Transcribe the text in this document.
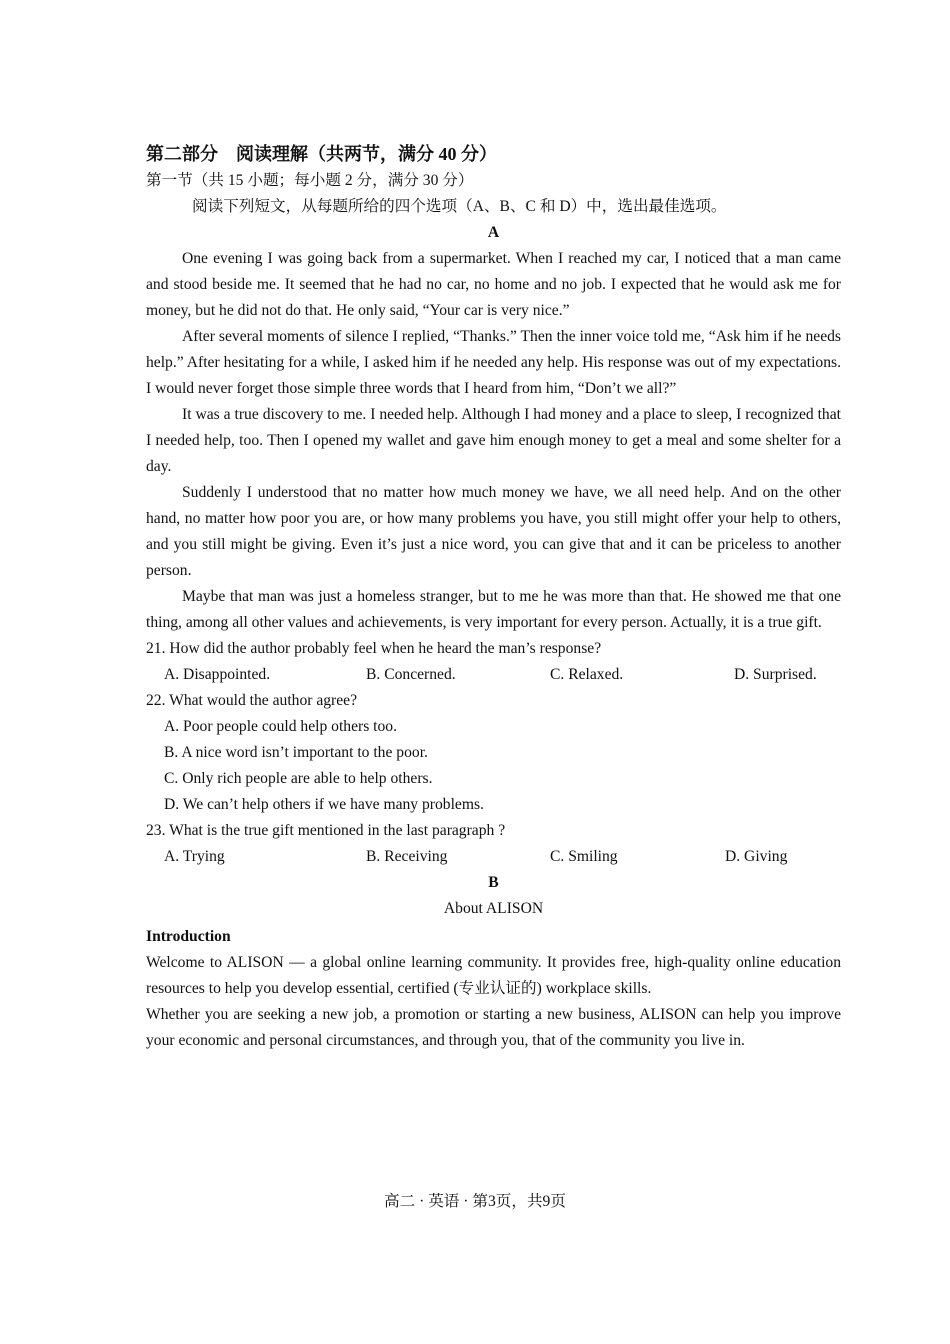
第二部分　阅读理解（共两节，满分 40 分）
第一节（共 15 小题；每小题 2 分，满分 30 分）
阅读下列短文，从每题所给的四个选项（A、B、C 和 D）中，选出最佳选项。
A

One evening I was going back from a supermarket. When I reached my car, I noticed that a man came and stood beside me. It seemed that he had no car, no home and no job. I expected that he would ask me for money, but he did not do that. He only said, “Your car is very nice.”

After several moments of silence I replied, “Thanks.” Then the inner voice told me, “Ask him if he needs help.” After hesitating for a while, I asked him if he needed any help. His response was out of my expectations. I would never forget those simple three words that I heard from him, “Don’t we all?”

It was a true discovery to me. I needed help. Although I had money and a place to sleep, I recognized that I needed help, too. Then I opened my wallet and gave him enough money to get a meal and some shelter for a day.

Suddenly I understood that no matter how much money we have, we all need help. And on the other hand, no matter how poor you are, or how many problems you have, you still might offer your help to others, and you still might be giving. Even it’s just a nice word, you can give that and it can be priceless to another person.

Maybe that man was just a homeless stranger, but to me he was more than that. He showed me that one thing, among all other values and achievements, is very important for every person. Actually, it is a true gift.

21. How did the author probably feel when he heard the man’s response?
A. Disappointed.	B. Concerned.	C. Relaxed.	D. Surprised.
22. What would the author agree?
A. Poor people could help others too.
B. A nice word isn’t important to the poor.
C. Only rich people are able to help others.
D. We can’t help others if we have many problems.
23. What is the true gift mentioned in the last paragraph ?
A. Trying	B. Receiving	C. Smiling	D. Giving
B
About ALISON
Introduction

Welcome to ALISON — a global online learning community. It provides free, high-quality online education resources to help you develop essential, certified (专业认证的) workplace skills.

Whether you are seeking a new job, a promotion or starting a new business, ALISON can help you improve your economic and personal circumstances, and through you, that of the community you live in.

高二 · 英语 · 第3页，共9页
